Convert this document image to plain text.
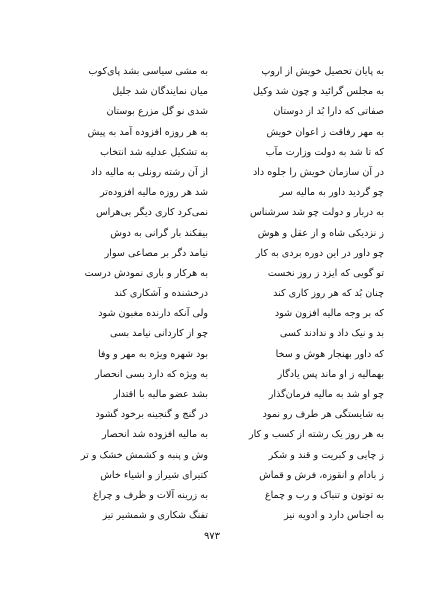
به پایان تحصیل خویش از اروپ
به مجلس گرائید و چون شد وکیل
صفاتی که دارا بُد از دوستان
به مهر رفاقت ز اعوان خویش
که تا شد به دولت وزارت مآب
در آن سازمان خویش را جلوه داد
چو گردید داور به مالیه سر
به دربار و دولت چو شد سرشناس
ز نزدیکی شاه و از عقل و هوش
چو داور در این دوره بردی به کار
تو گویی که ایزد ز روز نخست
چنان بُد که هر روز کاری کند
که بر وجه مالیه افزون شود
بد و نیک داد و ندادند کسی
که داور بهنجار هوش و سخا
بهمالیه ز او ماند پس یادگار
چو او شد به مالیه فرمان‌گذار
به شایستگی هر طرف رو نمود
به هر روز یک رشته از کسب و کار
ز چایی و کبریت و قند و شکر
ز بادام و انقوزه، فرش و قماش
به توتون و تنباک و رب و چماغ
به اجناس دارد و ادویه نیز
به مشی سیاسی بشد پای‌کوب
میان نمایندگان شد جلیل
شدی نو گل مزرع بوستان
به هر روزه افزوده آمد به پیش
به تشکیل عدلیه شد انتخاب
از آن رشته رونلی به مالیه داد
شد هر روزه مالیه افزوده‌تر
نمی‌کرد کاری دیگر بی‌هراس
بیفکند بار گرانی به دوش
نیامد دگر بر مصاعی سوار
به هرکار و باری نمودش درست
درخشنده و آشکاری کند
ولی آنکه دارنده مغبون شود
چو از کاردانی نیامد بسی
بود شهره ویژه به مهر و وفا
به ویژه که دارد بسی انحصار
بشد عضو مالیه با اقتدار
در گنج و گنجینه برخود گشود
به مالیه افزوده شد انحصار
وش و پنبه و کشمش خشک و تر
کتیرای شیراز و اشیاء خاش
به زرینه آلات و ظرف و چراغ
تفنگ شکاری و شمشیر تیز
۹۷۳
